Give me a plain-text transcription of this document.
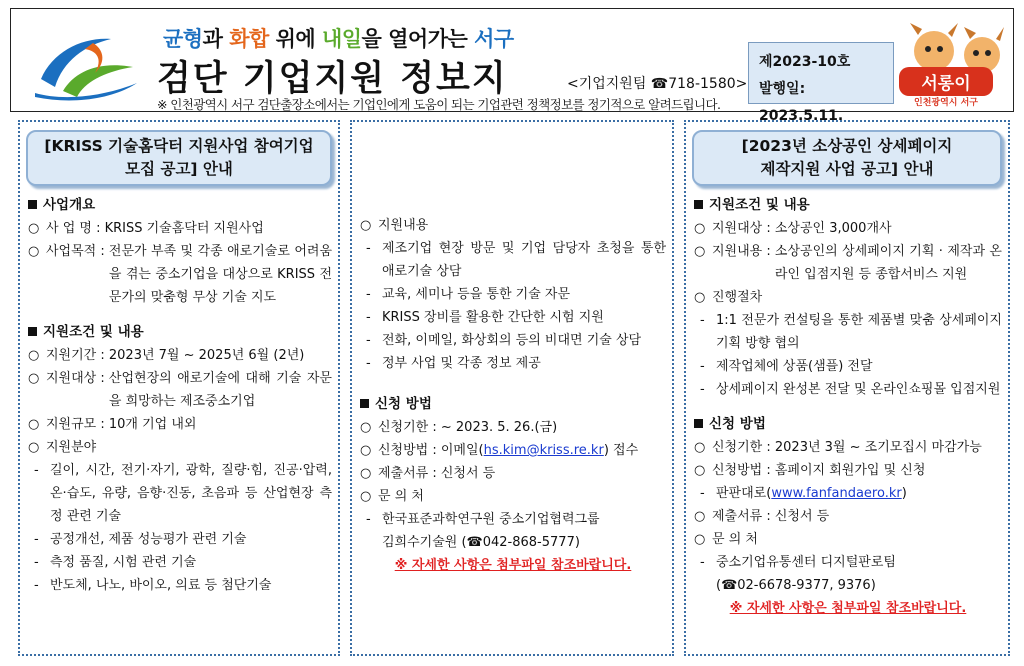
균형과 화합 위에 내일을 열어가는 서구
검단 기업지원 정보지	<기업지원팀 ☎718-1580>
※ 인천광역시 서구 검단출장소에서는 기업인에게 도움이 되는 기업관련 정책정보를 정기적으로 알려드립니다.
제2023-10호
발행일: 2023.5.11.
서롱이
인천광역시 서구
[KRISS 기술홈닥터 지원사업 참여기업
모집 공고] 안내
사업개요
○ 사 업 명 : KRISS 기술홈닥터 지원사업
○ 사업목적 : 전문가 부족 및 각종 애로기술로 어려움을 겪는 중소기업을 대상으로 KRISS 전문가의 맞춤형 무상 기술 지도
지원조건 및 내용
○ 지원기간 : 2023년 7월 ~ 2025년 6월 (2년)
○ 지원대상 : 산업현장의 애로기술에 대해 기술 자문을 희망하는 제조중소기업
○ 지원규모 : 10개 기업 내외
○ 지원분야
- 길이, 시간, 전기·자기, 광학, 질량·힘, 진공·압력, 온·습도, 유량, 음향·진동, 초음파 등 산업현장 측정 관련 기술
- 공정개선, 제품 성능평가 관련 기술
- 측정 품질, 시험 관련 기술
- 반도체, 나노, 바이오, 의료 등 첨단기술
○ 지원내용
- 제조기업 현장 방문 및 기업 담당자 초청을 통한 애로기술 상담
- 교육, 세미나 등을 통한 기술 자문
- KRISS 장비를 활용한 간단한 시험 지원
- 전화, 이메일, 화상회의 등의 비대면 기술 상담
- 정부 사업 및 각종 정보 제공
신청 방법
○ 신청기한 : ~ 2023. 5. 26.(금)
○ 신청방법 : 이메일(hs.kim@kriss.re.kr) 접수
○ 제출서류 : 신청서 등
○ 문 의 처
- 한국표준과학연구원 중소기업협력그룹
김희수기술원 (☎042-868-5777)
※ 자세한 사항은 첨부파일 참조바랍니다.
[2023년 소상공인 상세페이지
제작지원 사업 공고] 안내
지원조건 및 내용
○ 지원대상 : 소상공인 3,000개사
○ 지원내용 : 소상공인의 상세페이지 기획 · 제작과 온라인 입점지원 등 종합서비스 지원
○ 진행절차
- 1:1 전문가 컨설팅을 통한 제품별 맞춤 상세페이지 기획 방향 협의
- 제작업체에 상품(샘플) 전달
- 상세페이지 완성본 전달 및 온라인쇼핑몰 입점지원
신청 방법
○ 신청기한 : 2023년 3월 ~ 조기모집시 마감가능
○ 신청방법 : 홈페이지 회원가입 및 신청
- 판판대로(www.fanfandaero.kr)
○ 제출서류 : 신청서 등
○ 문 의 처
- 중소기업유통센터 디지털판로팀
(☎02-6678-9377, 9376)
※ 자세한 사항은 첨부파일 참조바랍니다.
